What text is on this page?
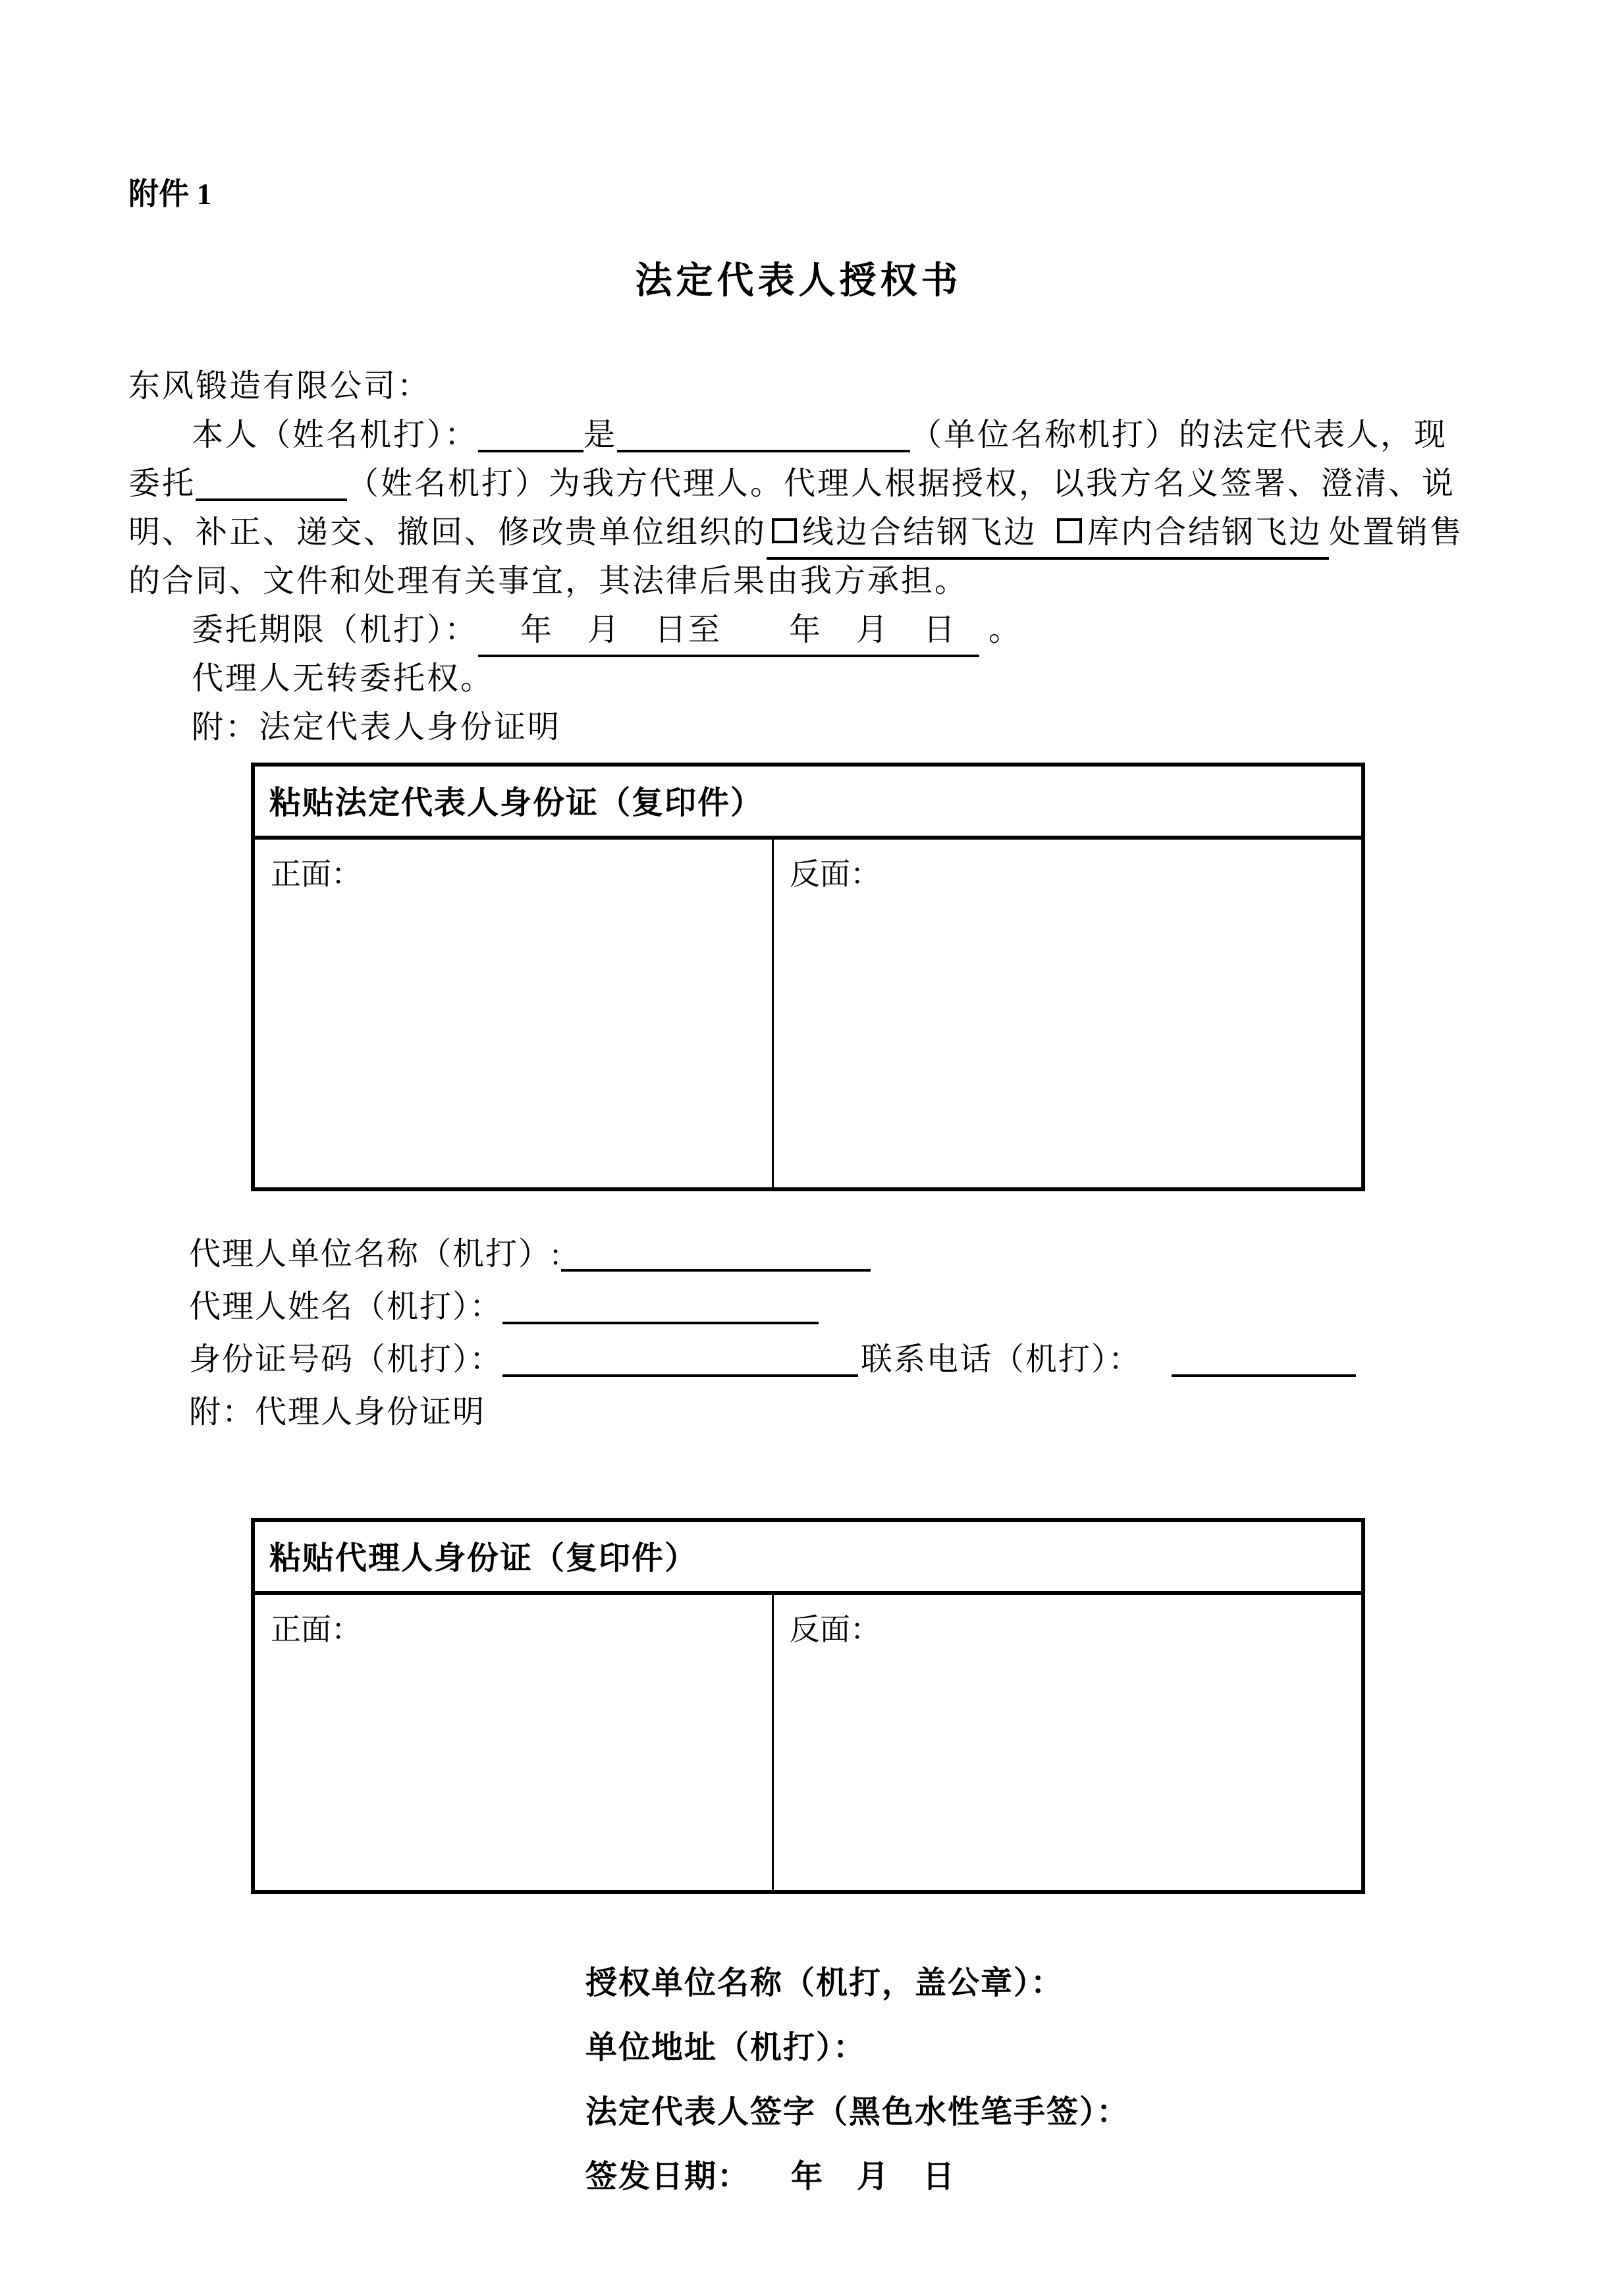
附件 1
法定代表人授权书
东风锻造有限公司：
本人（姓名机打）：	是	（单位名称机打）的法定代表人，现
委托	（姓名机打）为我方代理人。代理人根据授权，以我方名义签署、澄清、说
明、补正、递交、撤回、修改贵单位组织的 线边合结钢飞边 库内合结钢飞边 处置销售
的合同、文件和处理有关事宜，其法律后果由我方承担。
委托期限（机打）： 年　月　日至　　年　月　日 。
代理人无转委托权。
附：法定代表人身份证明
粘贴法定代表人身份证（复印件）
正面：	反面：
代理人单位名称（机打）:
代理人姓名（机打）：
身份证号码（机打）：	联系电话（机打）：
附：代理人身份证明
粘贴代理人身份证（复印件）
正面：	反面：
授权单位名称（机打，盖公章）：
单位地址（机打）：
法定代表人签字（黑色水性笔手签）：
签发日期： 年　月　日
